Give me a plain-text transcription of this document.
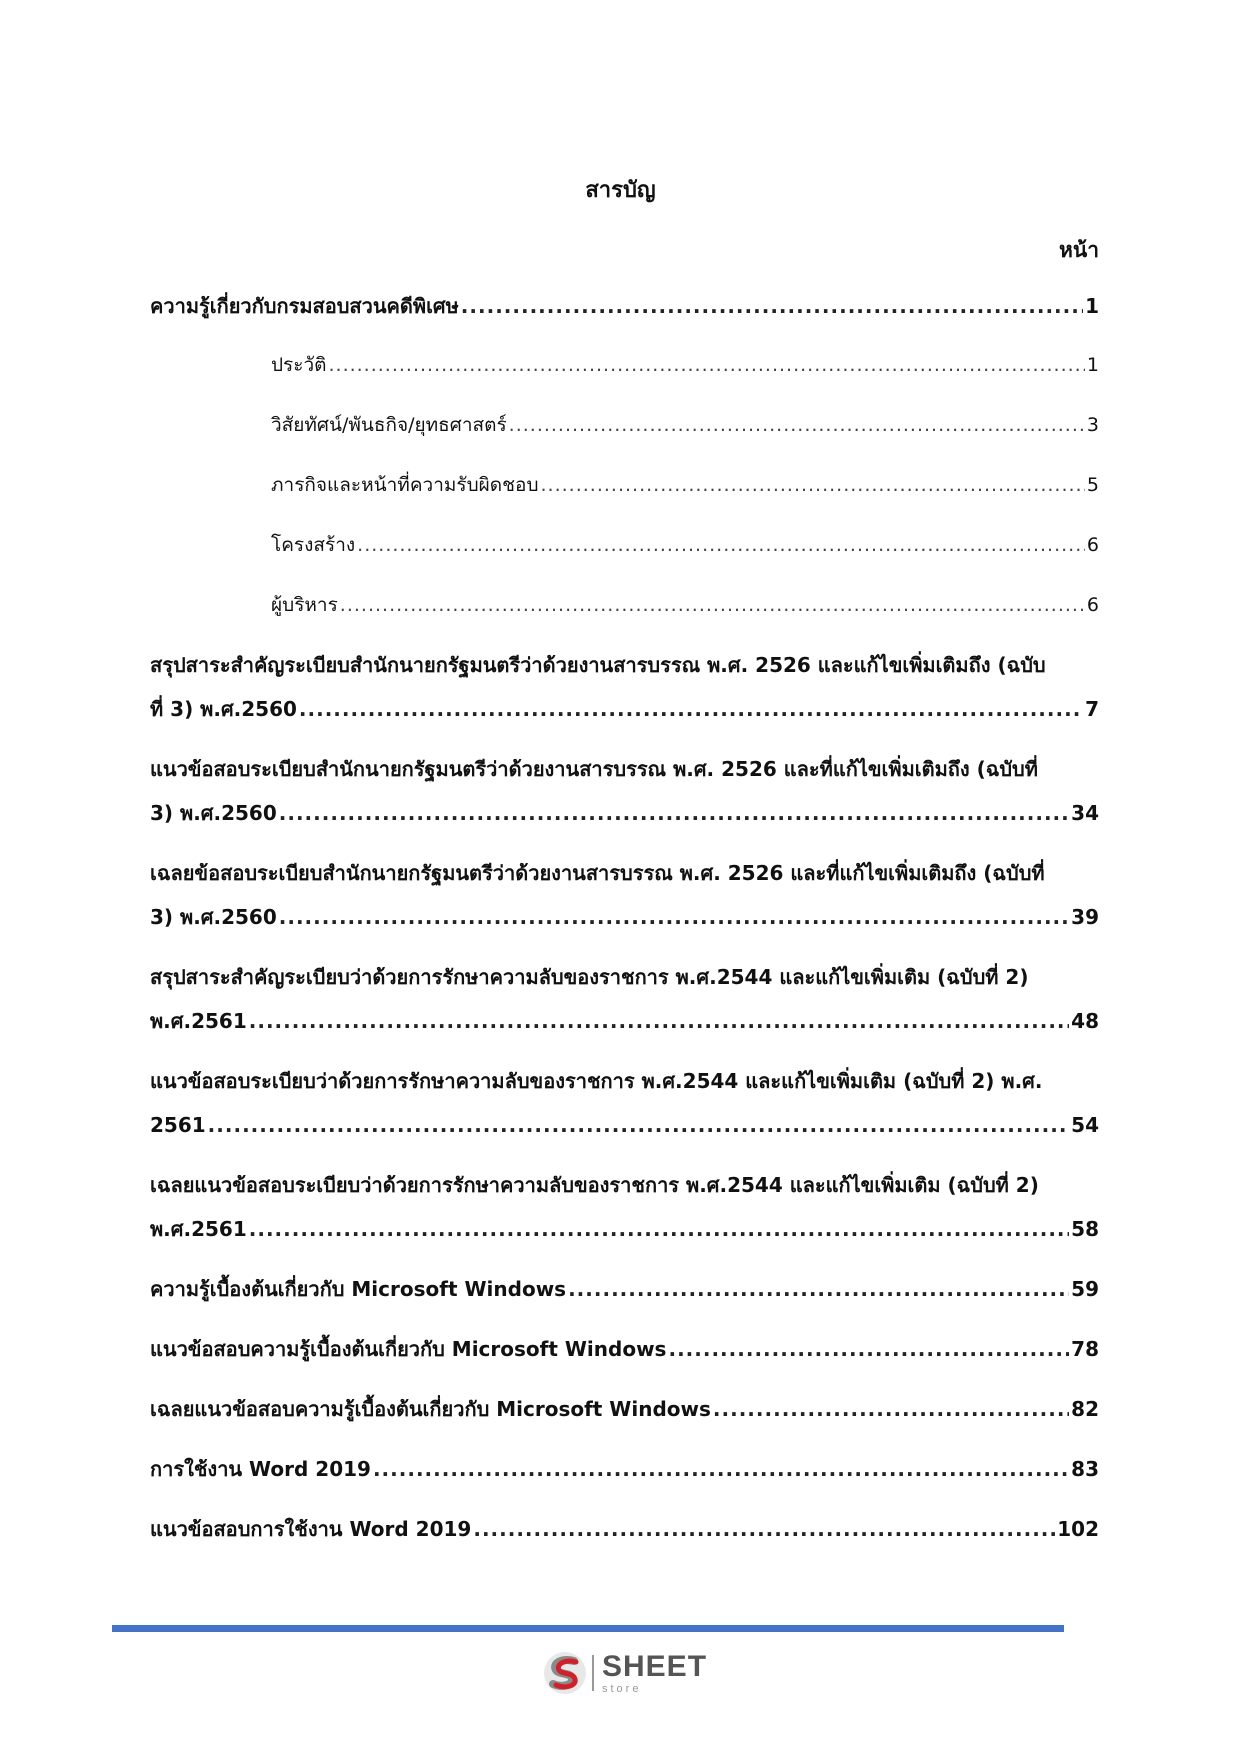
สารบัญ
หน้า
ความรู้เกี่ยวกับกรมสอบสวนคดีพิเศษ .....	1
ประวัติ .....	1
วิสัยทัศน์/พันธกิจ/ยุทธศาสตร์ .....	3
ภารกิจและหน้าที่ความรับผิดชอบ .....	5
โครงสร้าง .....	6
ผู้บริหาร .....	6
สรุปสาระสำคัญระเบียบสำนักนายกรัฐมนตรีว่าด้วยงานสารบรรณ พ.ศ. 2526 และแก้ไขเพิ่มเติมถึง (ฉบับ
ที่ 3) พ.ศ.2560 .....	7
แนวข้อสอบระเบียบสำนักนายกรัฐมนตรีว่าด้วยงานสารบรรณ พ.ศ. 2526 และที่แก้ไขเพิ่มเติมถึง (ฉบับที่
3) พ.ศ.2560 .....	34
เฉลยข้อสอบระเบียบสำนักนายกรัฐมนตรีว่าด้วยงานสารบรรณ พ.ศ. 2526 และที่แก้ไขเพิ่มเติมถึง (ฉบับที่
3) พ.ศ.2560 .....	39
สรุปสาระสำคัญระเบียบว่าด้วยการรักษาความลับของราชการ พ.ศ.2544 และแก้ไขเพิ่มเติม (ฉบับที่ 2)
พ.ศ.2561 .....	48
แนวข้อสอบระเบียบว่าด้วยการรักษาความลับของราชการ พ.ศ.2544 และแก้ไขเพิ่มเติม (ฉบับที่ 2) พ.ศ.
2561 .....	54
เฉลยแนวข้อสอบระเบียบว่าด้วยการรักษาความลับของราชการ พ.ศ.2544 และแก้ไขเพิ่มเติม (ฉบับที่ 2)
พ.ศ.2561 .....	58
ความรู้เบื้องต้นเกี่ยวกับ Microsoft Windows .....	59
แนวข้อสอบความรู้เบื้องต้นเกี่ยวกับ Microsoft Windows .....	78
เฉลยแนวข้อสอบความรู้เบื้องต้นเกี่ยวกับ Microsoft Windows .....	82
การใช้งาน Word 2019 .....	83
แนวข้อสอบการใช้งาน Word 2019 .....	102
SHEET
store
